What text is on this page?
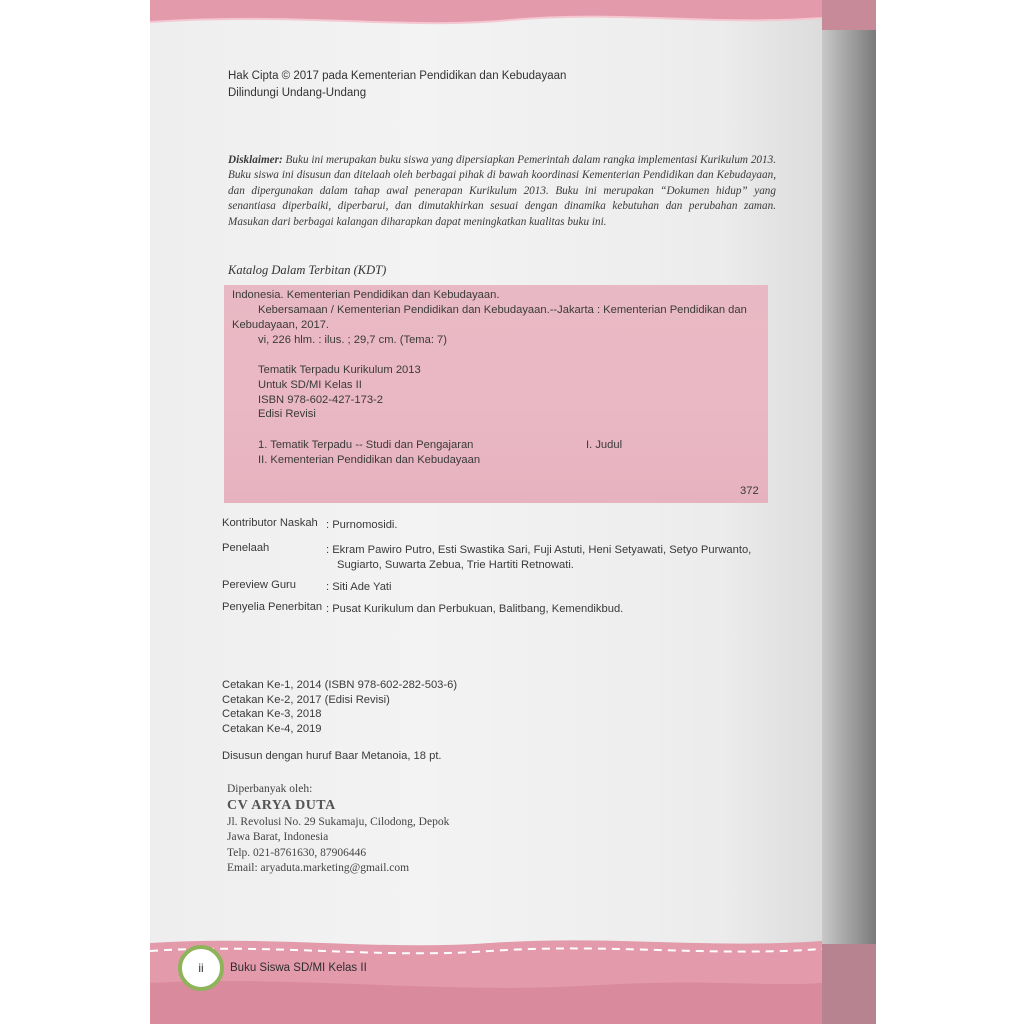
Hak Cipta © 2017 pada Kementerian Pendidikan dan Kebudayaan
Dilindungi Undang-Undang
Disklaimer: Buku ini merupakan buku siswa yang dipersiapkan Pemerintah dalam rangka implementasi Kurikulum 2013. Buku siswa ini disusun dan ditelaah oleh berbagai pihak di bawah koordinasi Kementerian Pendidikan dan Kebudayaan, dan dipergunakan dalam tahap awal penerapan Kurikulum 2013. Buku ini merupakan “Dokumen hidup” yang senantiasa diperbaiki, diperbarui, dan dimutakhirkan sesuai dengan dinamika kebutuhan dan perubahan zaman. Masukan dari berbagai kalangan diharapkan dapat meningkatkan kualitas buku ini.
Katalog Dalam Terbitan (KDT)
Indonesia. Kementerian Pendidikan dan Kebudayaan.
Kebersamaan / Kementerian Pendidikan dan Kebudayaan.--Jakarta : Kementerian Pendidikan dan
Kebudayaan, 2017.
vi, 226 hlm. : ilus. ; 29,7 cm. (Tema: 7)
Tematik Terpadu Kurikulum 2013
Untuk SD/MI Kelas II
ISBN 978-602-427-173-2
Edisi Revisi
1. Tematik Terpadu -- Studi dan Pengajaran	I. Judul
II. Kementerian Pendidikan dan Kebudayaan
372
Kontributor Naskah : Purnomosidi.
Penelaah	: Ekram Pawiro Putro, Esti Swastika Sari, Fuji Astuti, Heni Setyawati, Setyo Purwanto,
Sugiarto, Suwarta Zebua, Trie Hartiti Retnowati.
Pereview Guru	: Siti Ade Yati
Penyelia Penerbitan : Pusat Kurikulum dan Perbukuan, Balitbang, Kemendikbud.
Cetakan Ke-1, 2014 (ISBN 978-602-282-503-6)
Cetakan Ke-2, 2017 (Edisi Revisi)
Cetakan Ke-3, 2018
Cetakan Ke-4, 2019
Disusun dengan huruf Baar Metanoia, 18 pt.
Diperbanyak oleh:
CV ARYA DUTA
Jl. Revolusi No. 29 Sukamaju, Cilodong, Depok
Jawa Barat, Indonesia
Telp. 021-8761630, 87906446
Email: aryaduta.marketing@gmail.com
ii Buku Siswa SD/MI Kelas II
